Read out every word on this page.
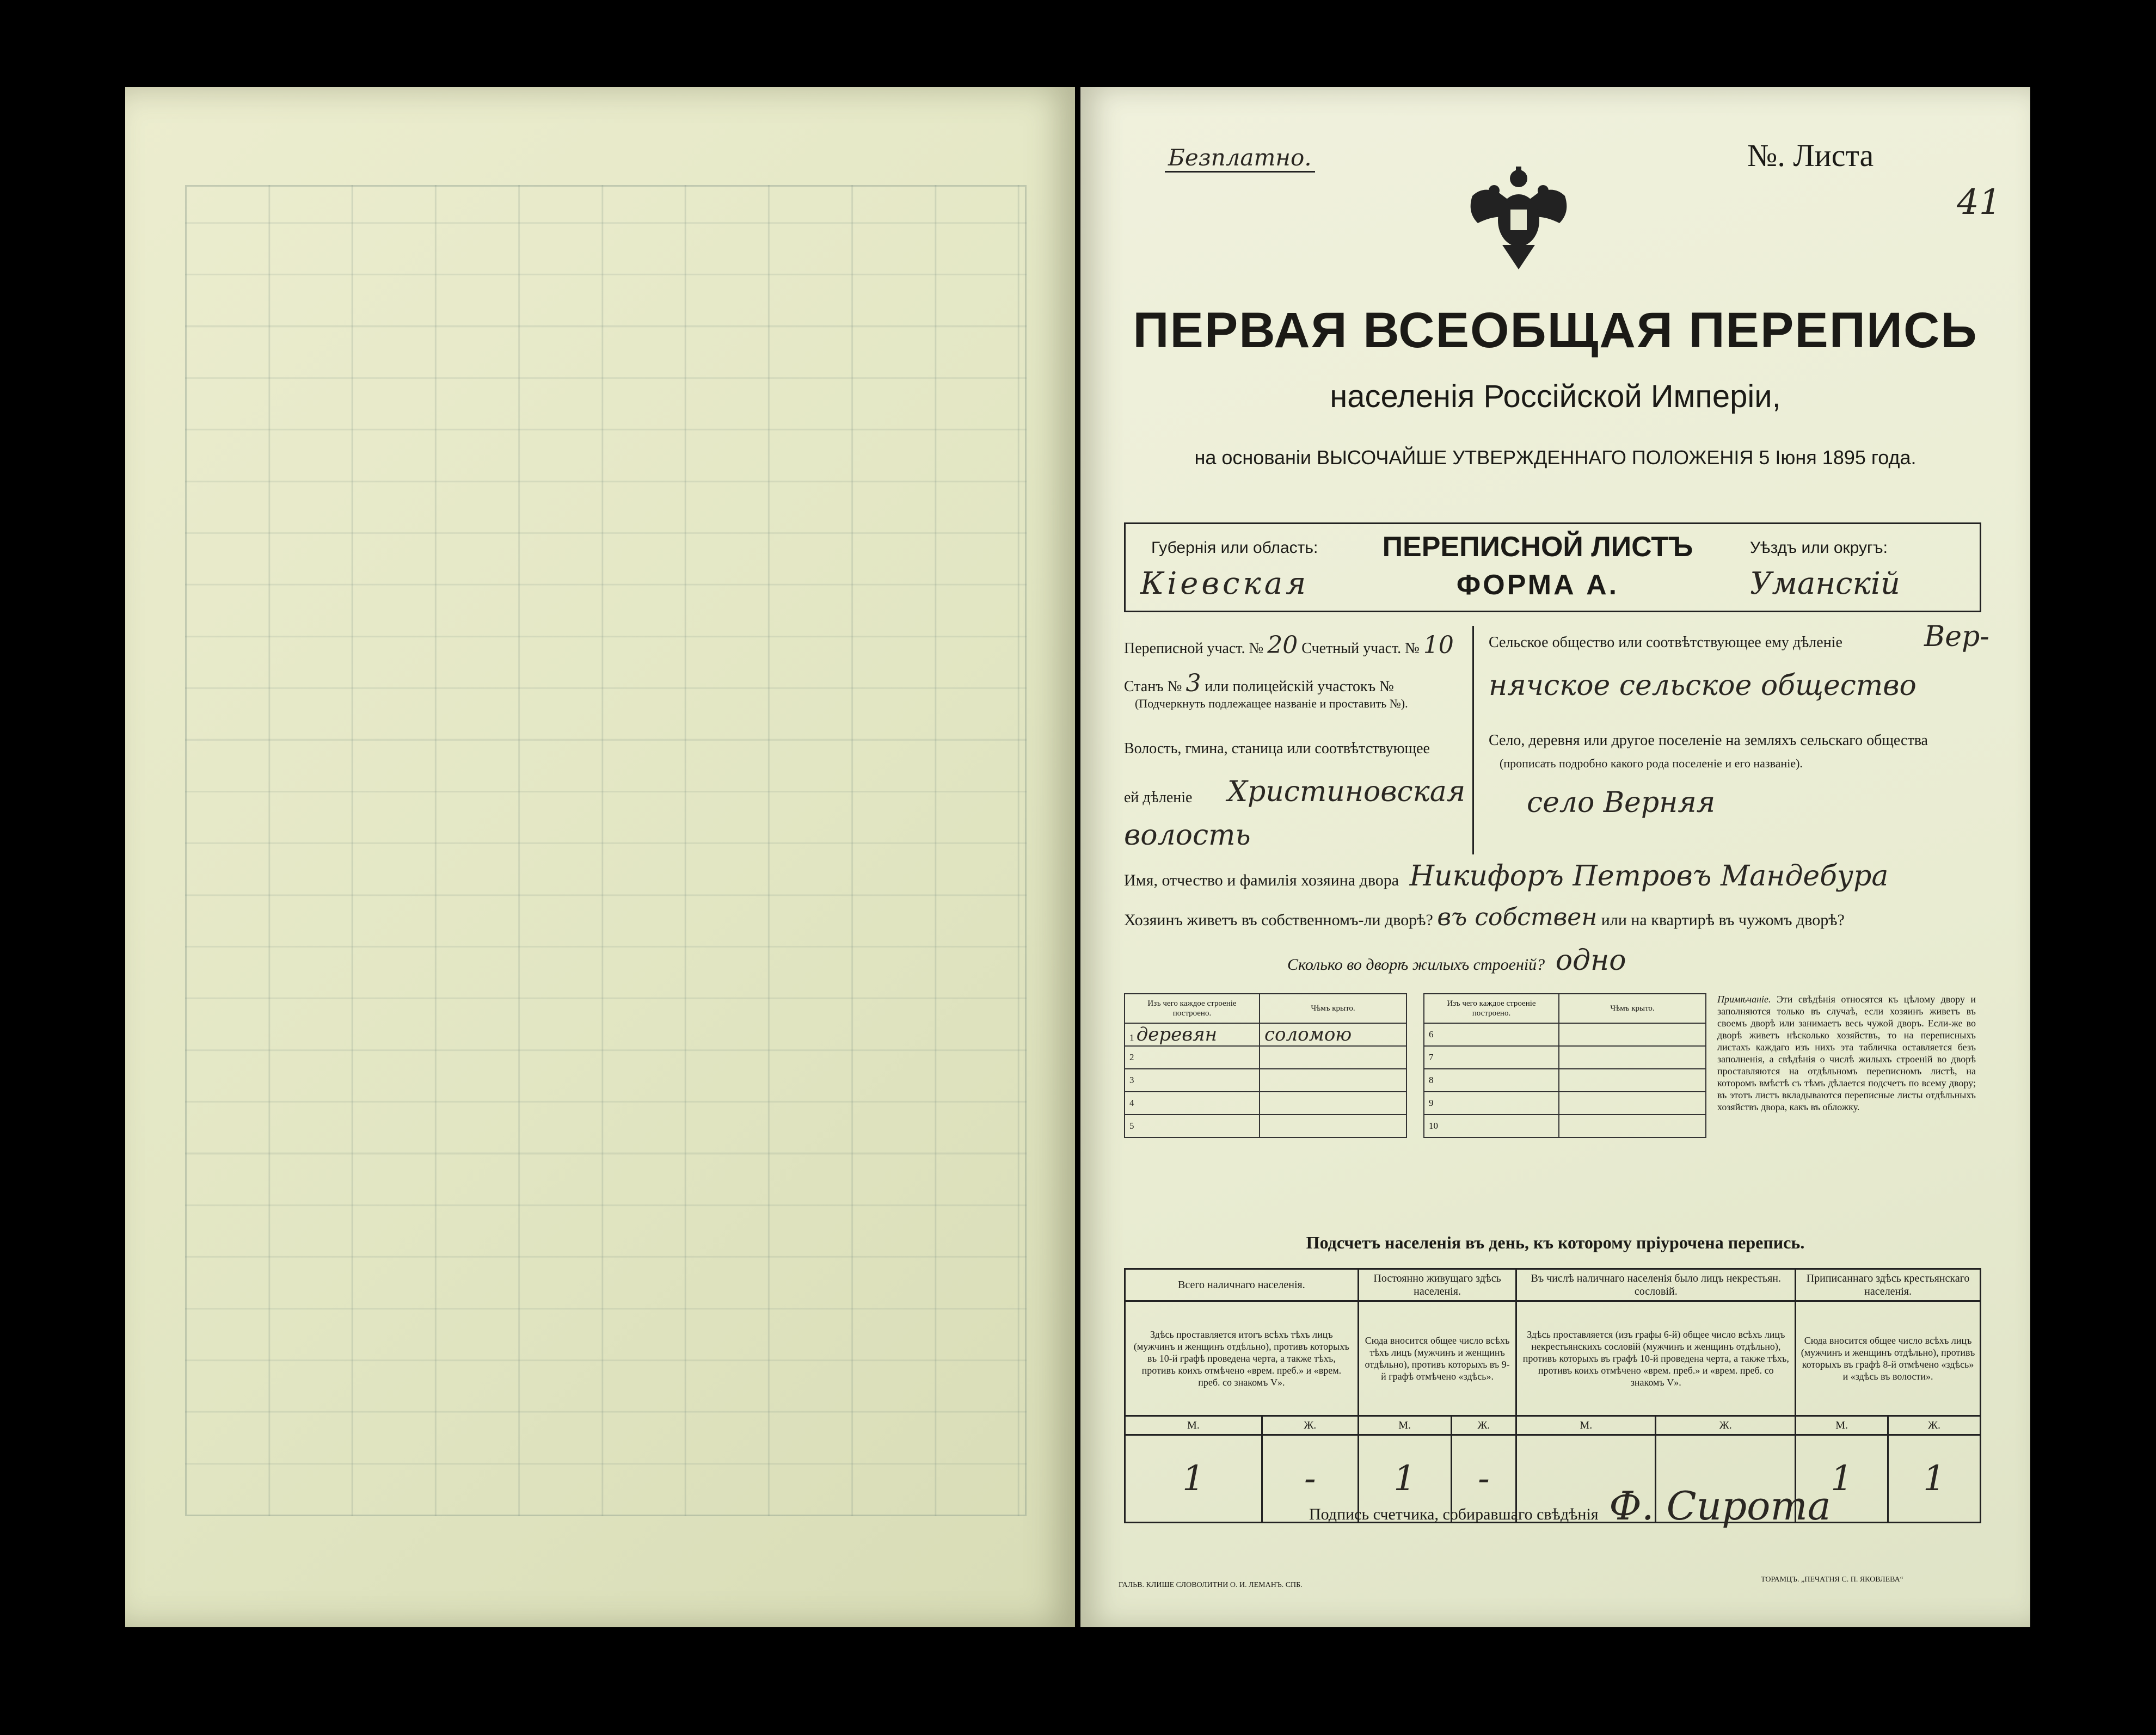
Безплатно.	№. Листа
41
ПЕРВАЯ ВСЕОБЩАЯ ПЕРЕПИСЬ
населенія Россійской Имперіи,
на основаніи ВЫСОЧАЙШЕ УТВЕРЖДЕННАГО ПОЛОЖЕНІЯ 5 Іюня 1895 года.
Губернія или область:
Кіевская
ПЕРЕПИСНОЙ ЛИСТЪ
ФОРМА А.
Уѣздъ или округъ:
Уманскій
Переписной участ. № 20 Счетный участ. № 10
Станъ № 3 или полицейскій участокъ №
(Подчеркнуть подлежащее названіе и проставить №).
Волость, гмина, станица или соотвѣтствующее
ей дѣленіе Христиновская
волость
Сельское общество или соотвѣтствующее ему дѣленіе	Вер-
нячское сельское общество
Село, деревня или другое поселеніе на земляхъ сельскаго общества
(прописать подробно какого рода поселеніе и его названіе).
село Верняя
Имя, отчество и фамилія хозяина двора Никифоръ Петровъ Мандебура
Хозяинъ живетъ въ собственномъ-ли дворѣ? въ собствен или на квартирѣ въ чужомъ дворѣ?
Сколько во дворѣ жилыхъ строеній? одно
Изъ чего каждое строеніе построено.	Чѣмъ крыто.
1 деревян	соломою
2	
3	
4	
5	
Изъ чего каждое строеніе построено.	Чѣмъ крыто.
6	
7	
8	
9	
10	
Примѣчаніе. Эти свѣдѣнія относятся къ цѣлому двору и заполняются только въ случаѣ, если хозяинъ живетъ въ своемъ дворѣ или занимаетъ весь чужой дворъ. Если-же во дворѣ живетъ нѣсколько хозяйствъ, то на переписныхъ листахъ каждаго изъ нихъ эта табличка оставляется безъ заполненія, а свѣдѣнія о числѣ жилыхъ строеній во дворѣ проставляются на отдѣльномъ переписномъ листѣ, на которомъ вмѣстѣ съ тѣмъ дѣлается подсчетъ по всему двору; въ этотъ листъ вкладываются переписные листы отдѣльныхъ хозяйствъ двора, какъ въ обложку.
Подсчетъ населенія въ день, къ которому пріурочена перепись.
Всего наличнаго населенія.		Постоянно живущаго здѣсь населенія.		Въ числѣ наличнаго населенія было лицъ некрестьян. сословій.		Приписаннаго здѣсь крестьянскаго населенія.	
Здѣсь проставляется итогъ всѣхъ тѣхъ лицъ (мужчинъ и женщинъ отдѣльно), противъ которыхъ въ 10-й графѣ проведена черта, а также тѣхъ, противъ коихъ отмѣчено «врем. преб.» и «врем. преб. со знакомъ V».		Сюда вносится общее число всѣхъ тѣхъ лицъ (мужчинъ и женщинъ отдѣльно), противъ которыхъ въ 9-й графѣ отмѣчено «здѣсь».		Здѣсь проставляется (изъ графы 6-й) общее число всѣхъ лицъ некрестьянскихъ сословій (мужчинъ и женщинъ отдѣльно), противъ которыхъ въ графѣ 10-й проведена черта, а также тѣхъ, противъ коихъ отмѣчено «врем. преб.» и «врем. преб. со знакомъ V».		Сюда вносится общее число всѣхъ лицъ (мужчинъ и женщинъ отдѣльно), противъ которыхъ въ графѣ 8-й отмѣчено «здѣсь» и «здѣсь въ волости».	
М.	Ж.	М.	Ж.	М.	Ж.	М.	Ж.
1	-	1	-			1	1
Подпись счетчика, собиравшаго свѣдѣнія Ф. Сирота
ГАЛЬВ. КЛИШЕ СЛОВОЛИТНИ О. И. ЛЕМАНЪ. СПБ.
ТОРАМЦЪ. „ПЕЧАТНЯ С. П. ЯКОВЛЕВА“
